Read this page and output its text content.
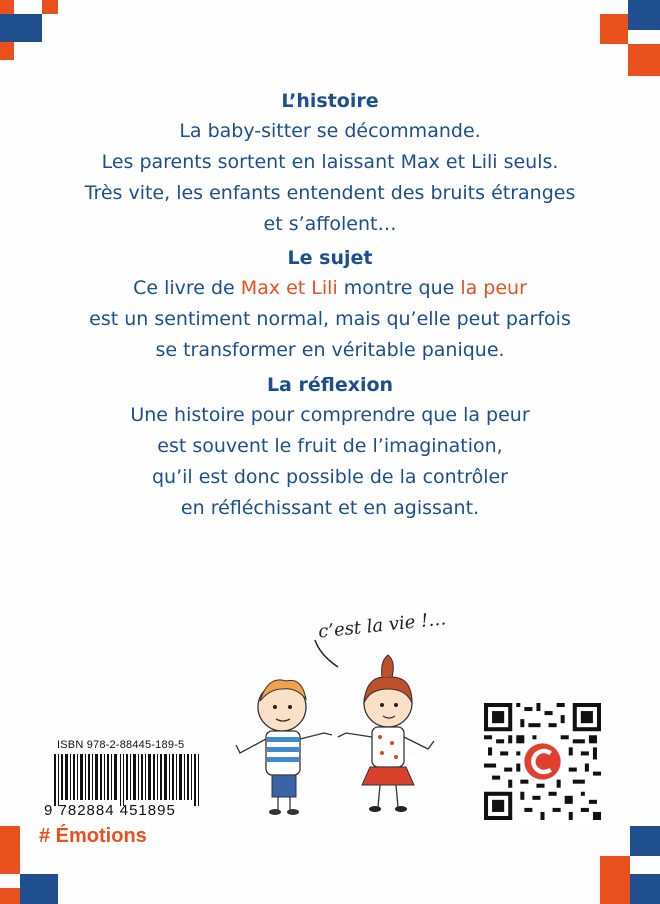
L’histoire
La baby-sitter se décommande.
Les parents sortent en laissant Max et Lili seuls.
Très vite, les enfants entendent des bruits étranges
et s’affolent…
Le sujet
Ce livre de Max et Lili montre que la peur
est un sentiment normal, mais qu’elle peut parfois
se transformer en véritable panique.
La réflexion
Une histoire pour comprendre que la peur
est souvent le fruit de l’imagination,
qu’il est donc possible de la contrôler
en réfléchissant et en agissant.
c’est la vie !…
ISBN 978-2-88445-189-5
9 782884 451895
# Émotions
